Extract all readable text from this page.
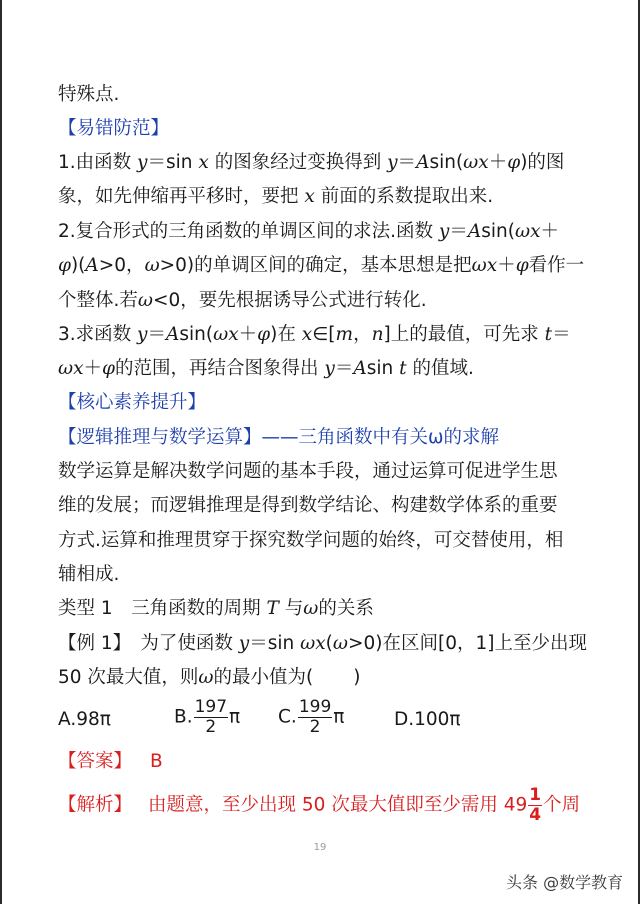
特殊点.
【易错防范】
1.由函数 y＝sin x 的图象经过变换得到 y＝Asin(ωx＋φ)的图
象，如先伸缩再平移时，要把 x 前面的系数提取出来.
2.复合形式的三角函数的单调区间的求法.函数 y＝Asin(ωx＋
φ)(A>0，ω>0)的单调区间的确定，基本思想是把ωx＋φ看作一
个整体.若ω<0，要先根据诱导公式进行转化.
3.求函数 y＝Asin(ωx＋φ)在 x∈[m，n]上的最值，可先求 t＝
ωx＋φ的范围，再结合图象得出 y＝Asin t 的值域.
【核心素养提升】
【逻辑推理与数学运算】——三角函数中有关ω的求解
数学运算是解决数学问题的基本手段，通过运算可促进学生思
维的发展；而逻辑推理是得到数学结论、构建数学体系的重要
方式.运算和推理贯穿于探究数学问题的始终，可交替使用，相
辅相成.
类型 1　三角函数的周期 T 与ω的关系
【例 1】　为了使函数 y＝sin ωx(ω>0)在区间[0，1]上至少出现
50 次最大值，则ω的最小值为( )
A.98π	B. $\frac{197}{2}$ π C. $\frac{199}{2}$ π	D.100π
【答案】 B
【解析】 由题意，至少出现 50 次最大值即至少需用 $49 \frac{1}{4}$ 个周
19
头条 @数学教育
